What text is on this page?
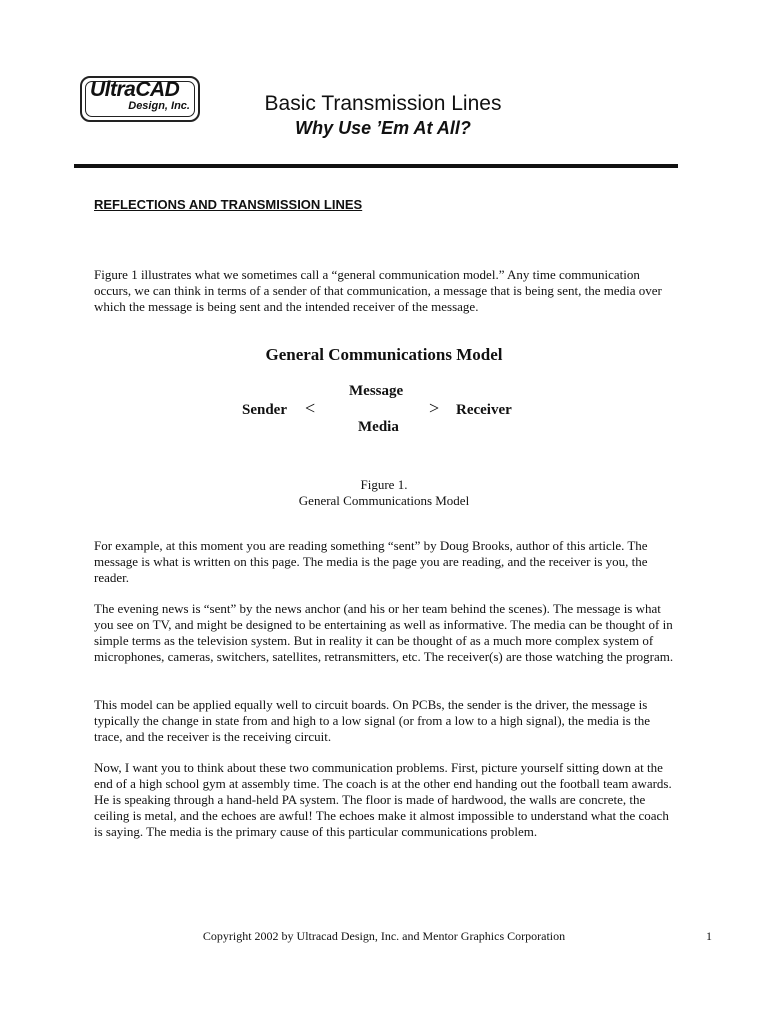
UltraCAD
Design, Inc.	Basic Transmission Lines
Why Use ’Em At All?
REFLECTIONS AND TRANSMISSION LINES

Figure 1 illustrates what we sometimes call a “general communication model.” Any time communication occurs, we can think in terms of a sender of that communication, a message that is being sent, the media over which the message is being sent and the intended receiver of the message.

General Communications Model
Sender <
Message
Media
> Receiver
Figure 1.
General Communications Model

For example, at this moment you are reading something “sent” by Doug Brooks, author of this article. The message is what is written on this page. The media is the page you are reading, and the receiver is you, the reader.

The evening news is “sent” by the news anchor (and his or her team behind the scenes). The message is what you see on TV, and might be designed to be entertaining as well as informative. The media can be thought of in simple terms as the television system. But in reality it can be thought of as a much more complex system of microphones, cameras, switchers, satellites, retransmitters, etc. The receiver(s) are those watching the program.

This model can be applied equally well to circuit boards. On PCBs, the sender is the driver, the message is typically the change in state from and high to a low signal (or from a low to a high signal), the media is the trace, and the receiver is the receiving circuit.

Now, I want you to think about these two communication problems. First, picture yourself sitting down at the end of a high school gym at assembly time. The coach is at the other end handing out the football team awards. He is speaking through a hand-held PA system. The floor is made of hardwood, the walls are concrete, the ceiling is metal, and the echoes are awful! The echoes make it almost impossible to understand what the coach is saying. The media is the primary cause of this particular communications problem.

Copyright 2002 by Ultracad Design, Inc. and Mentor Graphics Corporation	1
